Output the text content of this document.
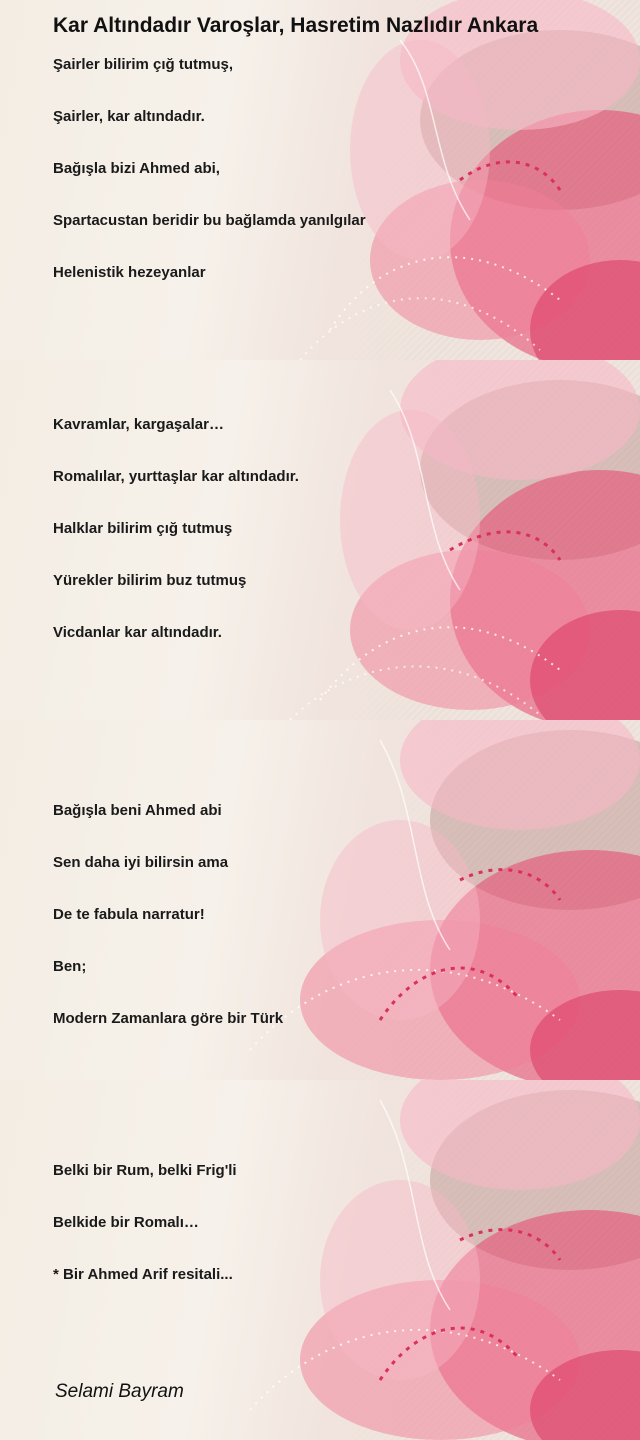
Kar Altındadır Varoşlar, Hasretim Nazlıdır Ankara

Şairler bilirim çığ tutmuş,

Şairler, kar altındadır.

Bağışla bizi Ahmed abi,

Spartacustan beridir bu bağlamda yanılgılar

Helenistik hezeyanlar

Kavramlar, kargaşalar…

Romalılar, yurttaşlar kar altındadır.

Halklar bilirim çığ tutmuş

Yürekler bilirim buz tutmuş

Vicdanlar kar altındadır.

Bağışla beni Ahmed abi

Sen daha iyi bilirsin ama

De te fabula narratur!

Ben;

Modern Zamanlara göre bir Türk

Belki bir Rum, belki Frig'li

Belkide bir Romalı…

* Bir Ahmed Arif resitali...

Selami Bayram
